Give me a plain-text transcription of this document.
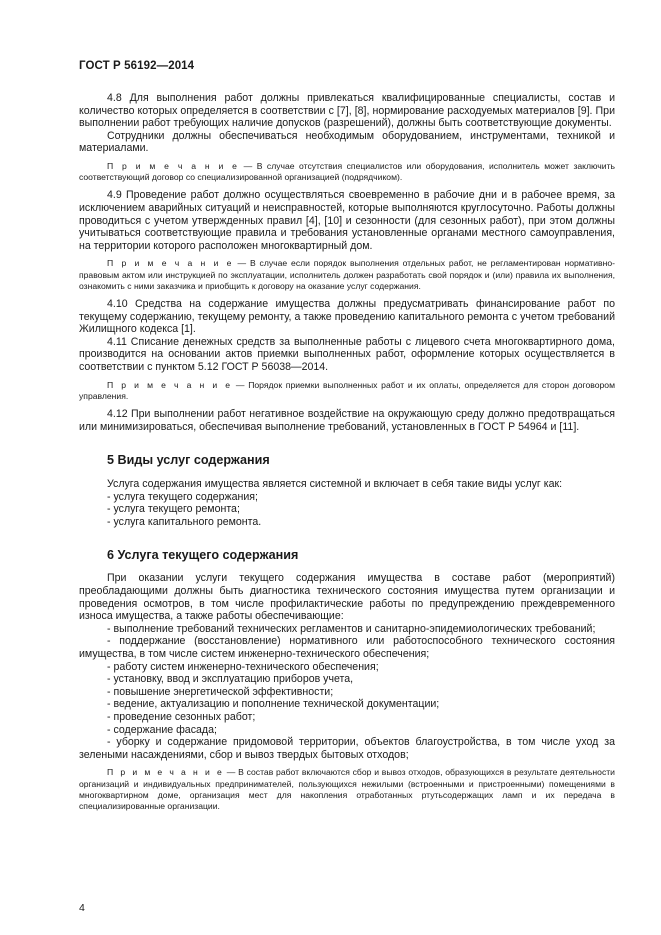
ГОСТ Р 56192—2014

4.8 Для выполнения работ должны привлекаться квалифицированные специалисты, состав и количество которых определяется в соответствии с [7], [8], нормирование расходуемых материалов [9]. При выполнении работ требующих наличие допусков (разрешений), должны быть соответствующие документы.

Сотрудники должны обеспечиваться необходимым оборудованием, инструментами, техникой и материалами.

П р и м е ч а н и е — В случае отсутствия специалистов или оборудования, исполнитель может заключить соответствующий договор со специализированной организацией (подрядчиком).

4.9 Проведение работ должно осуществляться своевременно в рабочие дни и в рабочее время, за исключением аварийных ситуаций и неисправностей, которые выполняются круглосуточно. Работы должны проводиться с учетом утвержденных правил [4], [10] и сезонности (для сезонных работ), при этом должны учитываться соответствующие правила и требования установленные органами местного самоуправления, на территории которого расположен многоквартирный дом.

П р и м е ч а н и е — В случае если порядок выполнения отдельных работ, не регламентирован нормативно-правовым актом или инструкцией по эксплуатации, исполнитель должен разработать свой порядок и (или) правила их выполнения, ознакомить с ними заказчика и приобщить к договору на оказание услуг содержания.

4.10 Средства на содержание имущества должны предусматривать финансирование работ по текущему содержанию, текущему ремонту, а также проведению капитального ремонта с учетом требований Жилищного кодекса [1].

4.11 Списание денежных средств за выполненные работы с лицевого счета многоквартирного дома, производится на основании актов приемки выполненных работ, оформление которых осуществляется в соответствии с пунктом 5.12 ГОСТ Р 56038—2014.

П р и м е ч а н и е — Порядок приемки выполненных работ и их оплаты, определяется для сторон договором управления.

4.12 При выполнении работ негативное воздействие на окружающую среду должно предотвращаться или минимизироваться, обеспечивая выполнение требований, установленных в ГОСТ Р 54964 и [11].

5 Виды услуг содержания

Услуга содержания имущества является системной и включает в себя такие виды услуг как:

- услуга текущего содержания;

- услуга текущего ремонта;

- услуга капитального ремонта.

6 Услуга текущего содержания

При оказании услуги текущего содержания имущества в составе работ (мероприятий) преобладающими должны быть диагностика технического состояния имущества путем организации и проведения осмотров, в том числе профилактические работы по предупреждению преждевременного износа имущества, а также работы обеспечивающие:

- выполнение требований технических регламентов и санитарно-эпидемиологических требований;

- поддержание (восстановление) нормативного или работоспособного технического состояния имущества, в том числе систем инженерно-технического обеспечения;

- работу систем инженерно-технического обеспечения;

- установку, ввод и эксплуатацию приборов учета,

- повышение энергетической эффективности;

- ведение, актуализацию и пополнение технической документации;

- проведение сезонных работ;

- содержание фасада;

- уборку и содержание придомовой территории, объектов благоустройства, в том числе уход за зелеными насаждениями, сбор и вывоз твердых бытовых отходов;

П р и м е ч а н и е — В состав работ включаются сбор и вывоз отходов, образующихся в результате деятельности организаций и индивидуальных предпринимателей, пользующихся нежилыми (встроенными и пристроенными) помещениями в многоквартирном доме, организация мест для накопления отработанных ртутьсодержащих ламп и их передача в специализированные организации.

4
